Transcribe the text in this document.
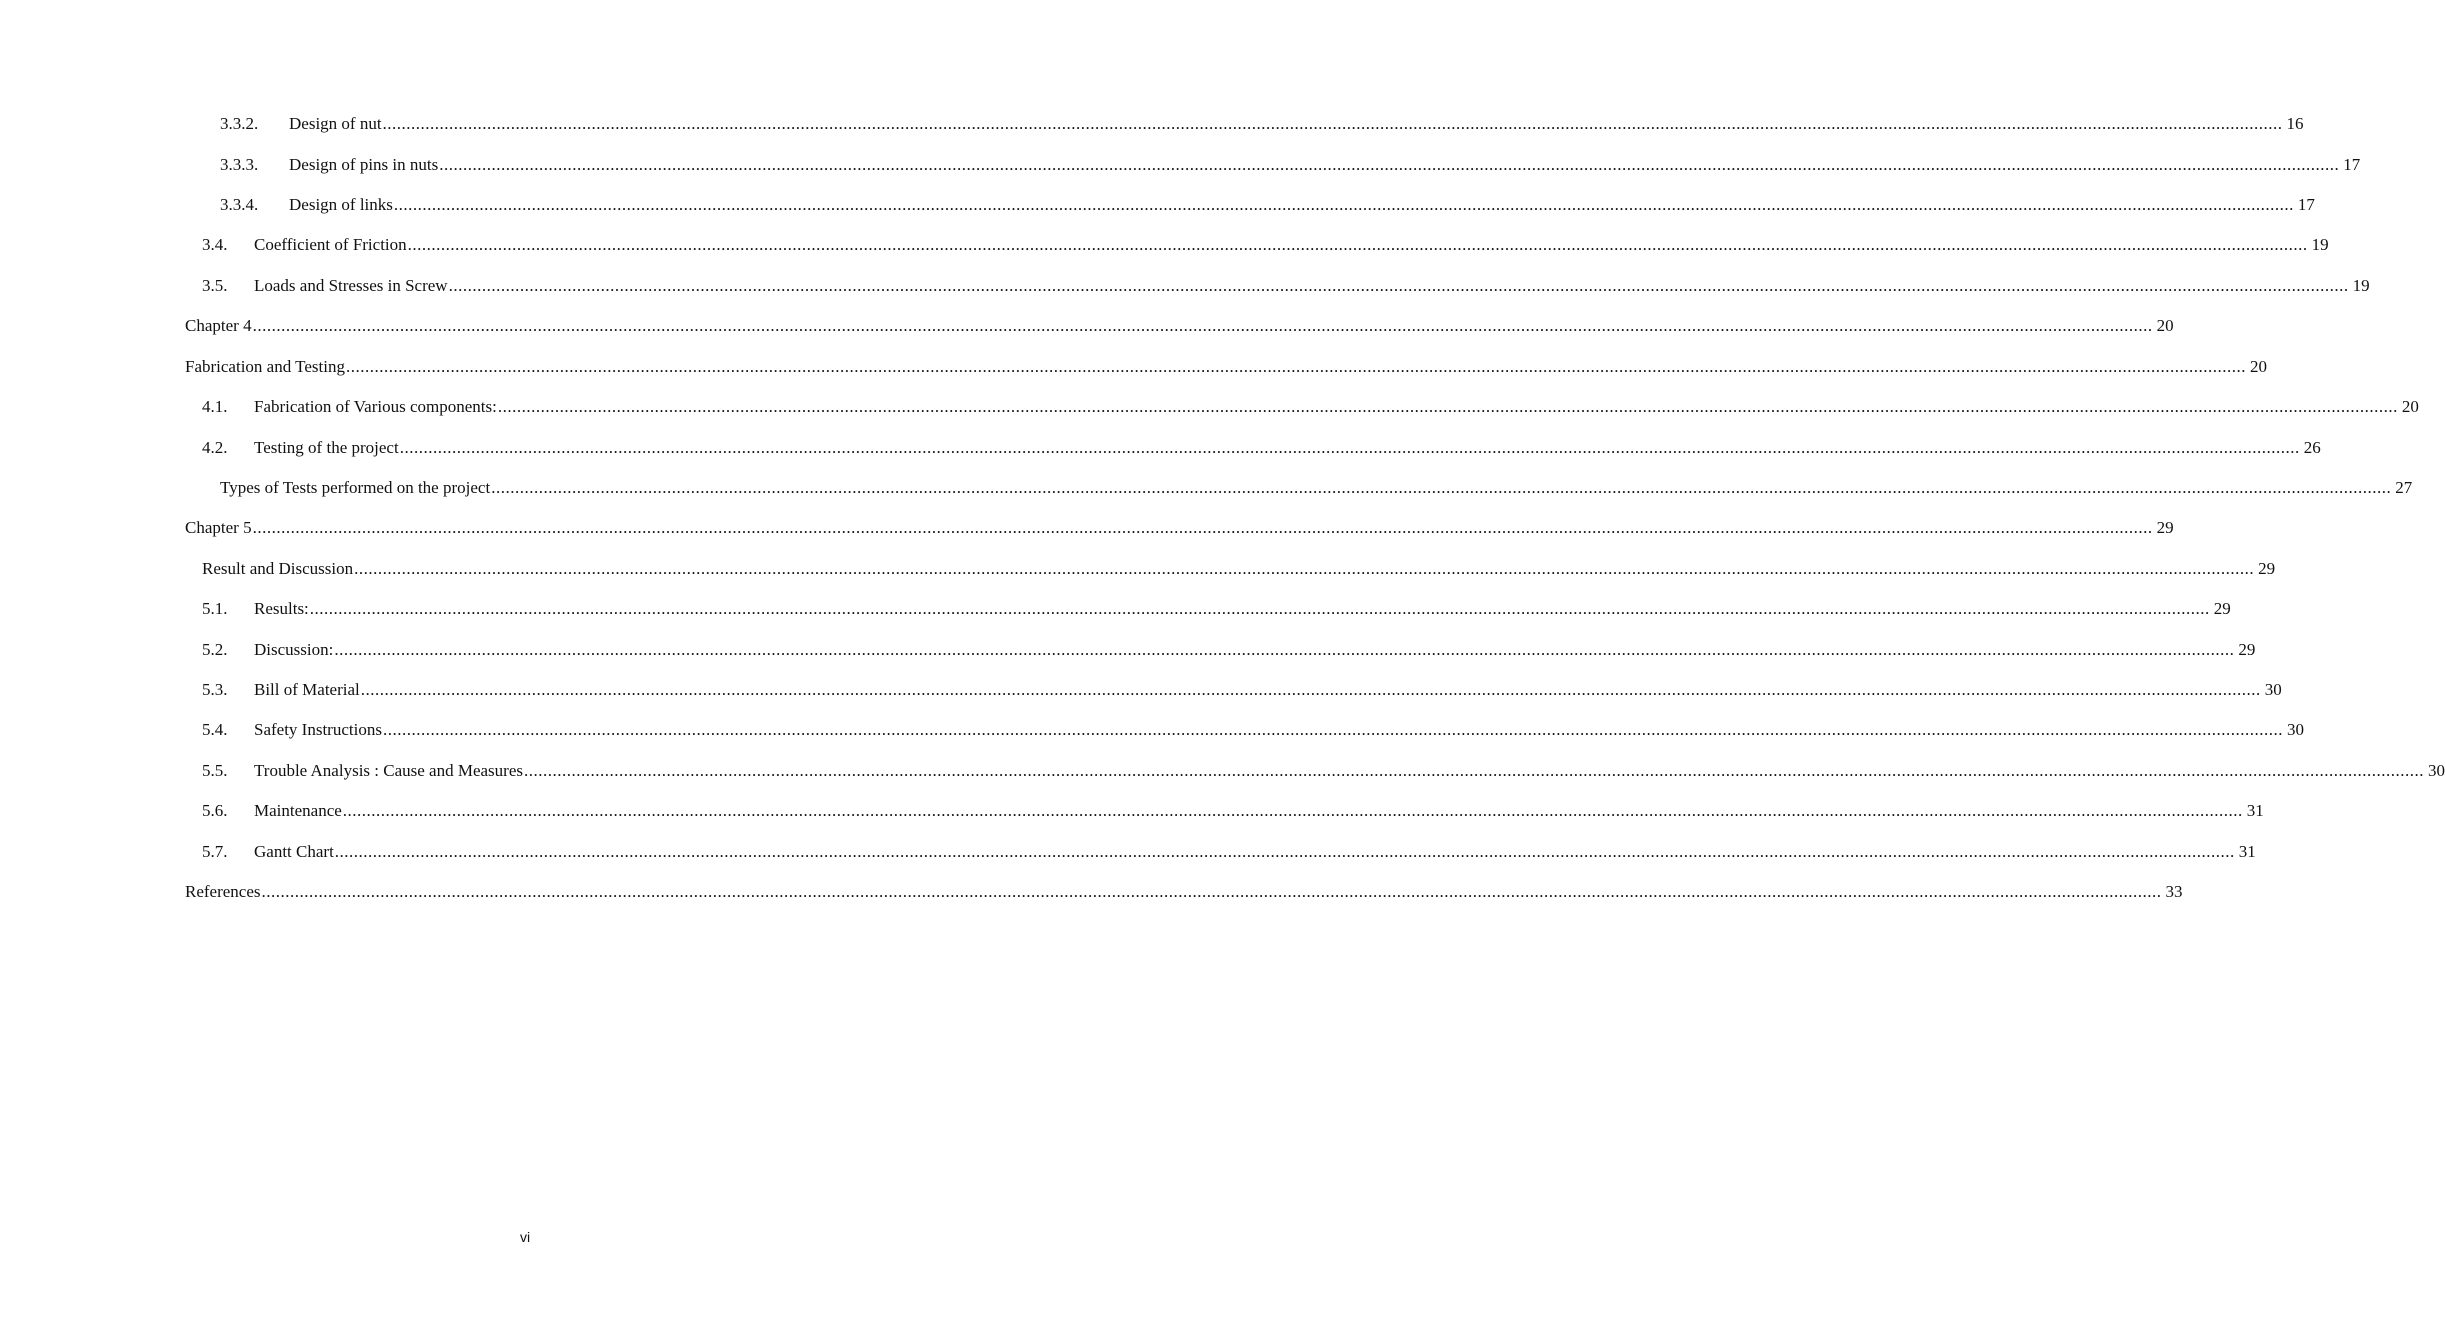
3.3.2.	Design of nut ................................................................................................................................................................................................................................................................................................................................................................................................................ 16
3.3.3.	Design of pins in nuts ................................................................................................................................................................................................................................................................................................................................................................................................................ 17
3.3.4.	Design of links ................................................................................................................................................................................................................................................................................................................................................................................................................ 17
3.4.	Coefficient of Friction ................................................................................................................................................................................................................................................................................................................................................................................................................ 19
3.5.	Loads and Stresses in Screw ................................................................................................................................................................................................................................................................................................................................................................................................................ 19
Chapter 4 ................................................................................................................................................................................................................................................................................................................................................................................................................ 20
Fabrication and Testing ................................................................................................................................................................................................................................................................................................................................................................................................................ 20
4.1.	Fabrication of Various components: ................................................................................................................................................................................................................................................................................................................................................................................................................ 20
4.2.	Testing of the project ................................................................................................................................................................................................................................................................................................................................................................................................................ 26
Types of Tests performed on the project ................................................................................................................................................................................................................................................................................................................................................................................................................ 27
Chapter 5 ................................................................................................................................................................................................................................................................................................................................................................................................................ 29
Result and Discussion ................................................................................................................................................................................................................................................................................................................................................................................................................ 29
5.1.	Results: ................................................................................................................................................................................................................................................................................................................................................................................................................ 29
5.2.	Discussion: ................................................................................................................................................................................................................................................................................................................................................................................................................ 29
5.3.	Bill of Material ................................................................................................................................................................................................................................................................................................................................................................................................................ 30
5.4.	Safety Instructions ................................................................................................................................................................................................................................................................................................................................................................................................................ 30
5.5.	Trouble Analysis : Cause and Measures ................................................................................................................................................................................................................................................................................................................................................................................................................ 30
5.6.	Maintenance ................................................................................................................................................................................................................................................................................................................................................................................................................ 31
5.7.	Gantt Chart ................................................................................................................................................................................................................................................................................................................................................................................................................ 31
References ................................................................................................................................................................................................................................................................................................................................................................................................................ 33
vi
